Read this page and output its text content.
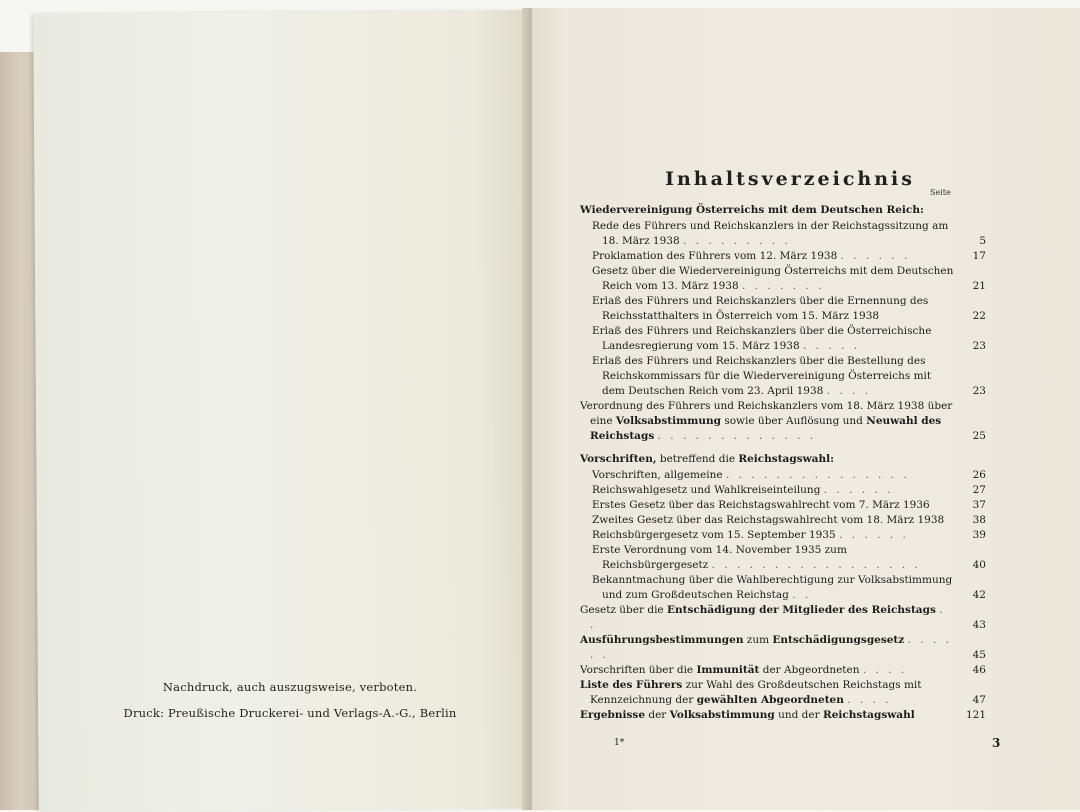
Nachdruck, auch auszugsweise, verboten.
Druck: Preußische Druckerei- und Verlags-A.-G., Berlin
Inhaltsverzeichnis
Seite
Wiedervereinigung Österreichs mit dem Deutschen Reich:
Rede des Führers und Reichskanzlers in der Reichstagssitzung am 18. März 1938 . . . . . . . . .	5
Proklamation des Führers vom 12. März 1938 . . . . . .	17
Gesetz über die Wiedervereinigung Österreichs mit dem Deutschen Reich vom 13. März 1938 . . . . . . .	21
Erlaß des Führers und Reichskanzlers über die Ernennung des Reichsstatthalters in Österreich vom 15. März 1938	22
Erlaß des Führers und Reichskanzlers über die Österreichische Landesregierung vom 15. März 1938 . . . . .	23
Erlaß des Führers und Reichskanzlers über die Bestellung des Reichskommissars für die Wiedervereinigung Österreichs mit dem Deutschen Reich vom 23. April 1938 . . . .	23
Verordnung des Führers und Reichskanzlers vom 18. März 1938 über eine Volksabstimmung sowie über Auflösung und Neuwahl des Reichstags . . . . . . . . . . . . .	25
Vorschriften, betreffend die Reichstagswahl:
Vorschriften, allgemeine . . . . . . . . . . . . . . .	26
Reichswahlgesetz und Wahlkreiseinteilung . . . . . .	27
Erstes Gesetz über das Reichstagswahlrecht vom 7. März 1936	37
Zweites Gesetz über das Reichstagswahlrecht vom 18. März 1938	38
Reichsbürgergesetz vom 15. September 1935 . . . . . .	39
Erste Verordnung vom 14. November 1935 zum Reichsbürgergesetz . . . . . . . . . . . . . . . . .	40
Bekanntmachung über die Wahlberechtigung zur Volksabstimmung und zum Großdeutschen Reichstag . .	42
Gesetz über die Entschädigung der Mitglieder des Reichstags . .	43
Ausführungsbestimmungen zum Entschädigungsgesetz . . . . . .	45
Vorschriften über die Immunität der Abgeordneten . . . .	46
Liste des Führers zur Wahl des Großdeutschen Reichstags mit Kennzeichnung der gewählten Abgeordneten . . . .	47
Ergebnisse der Volksabstimmung und der Reichstagswahl	121
1*	3
